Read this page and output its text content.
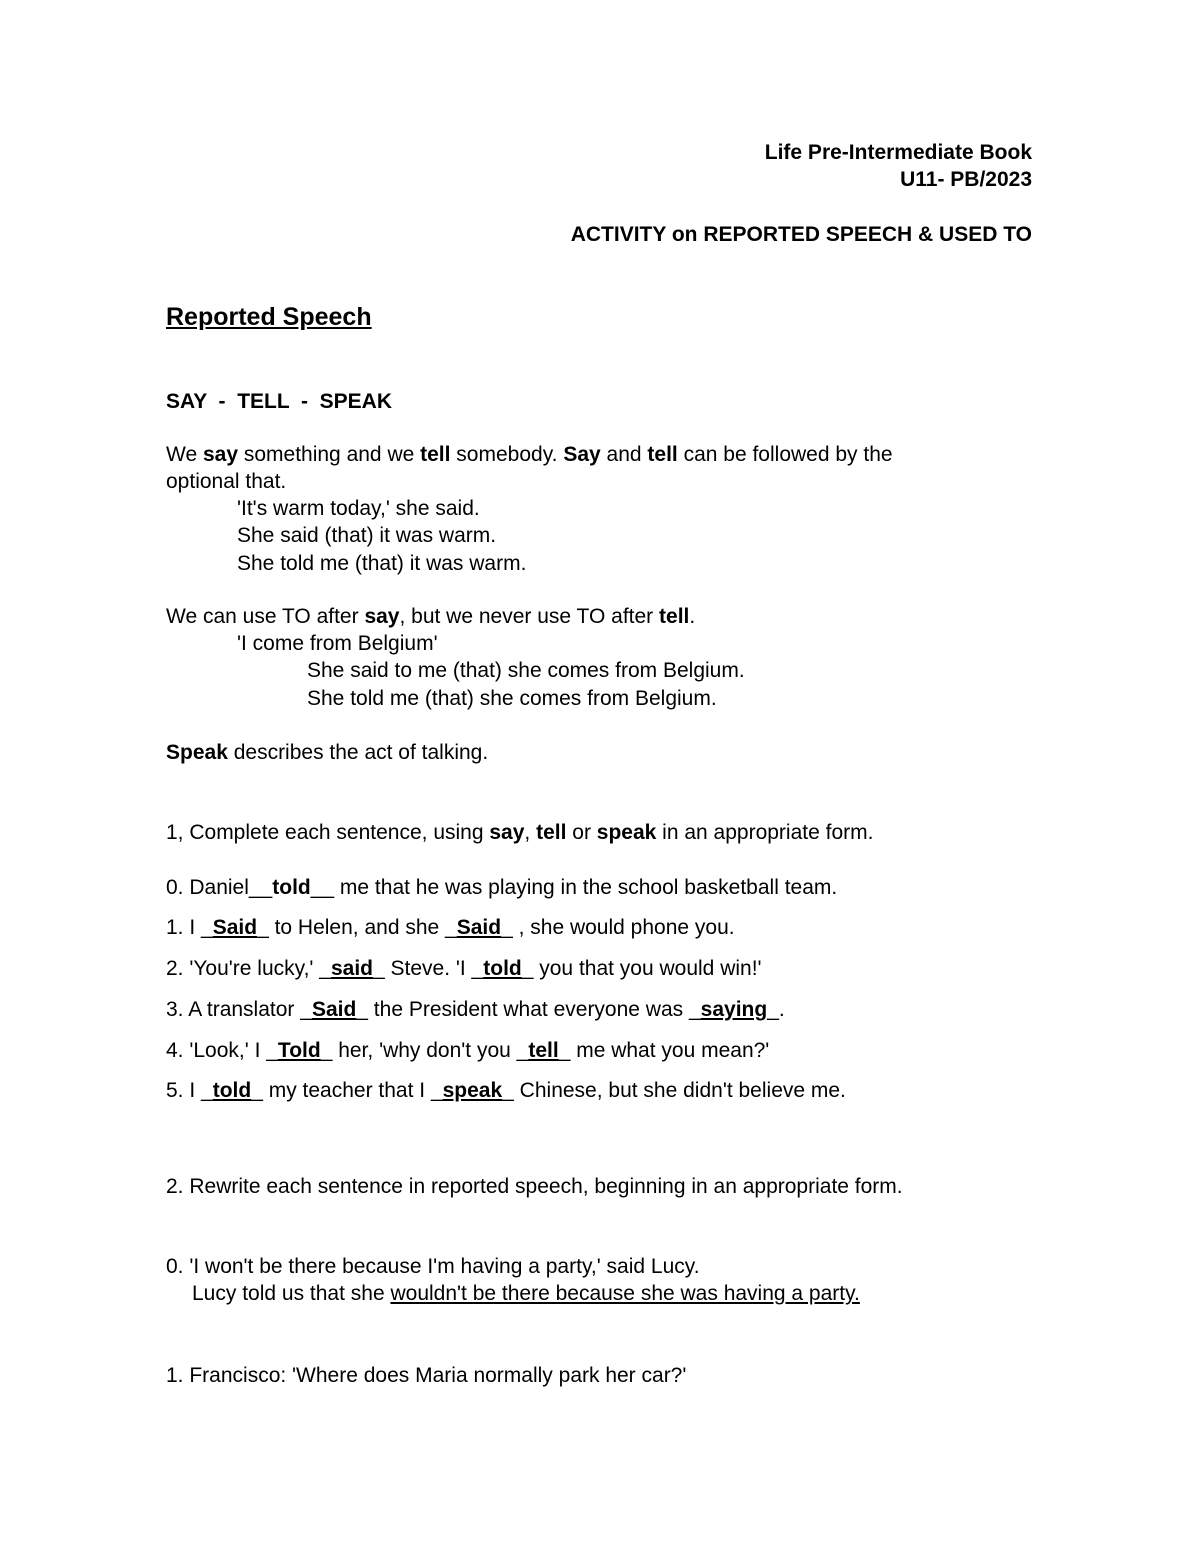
Life Pre-Intermediate Book
U11- PB/2023
ACTIVITY on REPORTED SPEECH & USED TO
Reported Speech
SAY  -  TELL  -  SPEAK
We say something and we tell somebody. Say and tell can be followed by the
optional that.
'It's warm today,' she said.
She said (that) it was warm.
She told me (that) it was warm.
We can use TO after say, but we never use TO after tell.
'I come from Belgium'
She said to me (that) she comes from Belgium.
She told me (that) she comes from Belgium.
Speak describes the act of talking.
1, Complete each sentence, using say, tell or speak in an appropriate form.
0. Daniel__told__ me that he was playing in the school basketball team.
1. I _Said_ to Helen, and she _Said_ , she would phone you.
2. 'You're lucky,' _said_ Steve. 'I _told_ you that you would win!'
3. A translator _Said_ the President what everyone was _saying_.
4. 'Look,' I _Told_ her, 'why don't you _tell_ me what you mean?'
5. I _told_ my teacher that I _speak_ Chinese, but she didn't believe me.
2. Rewrite each sentence in reported speech, beginning in an appropriate form.
0. 'I won't be there because I'm having a party,' said Lucy.
Lucy told us that she wouldn't be there because she was having a party.
1. Francisco: 'Where does Maria normally park her car?'
